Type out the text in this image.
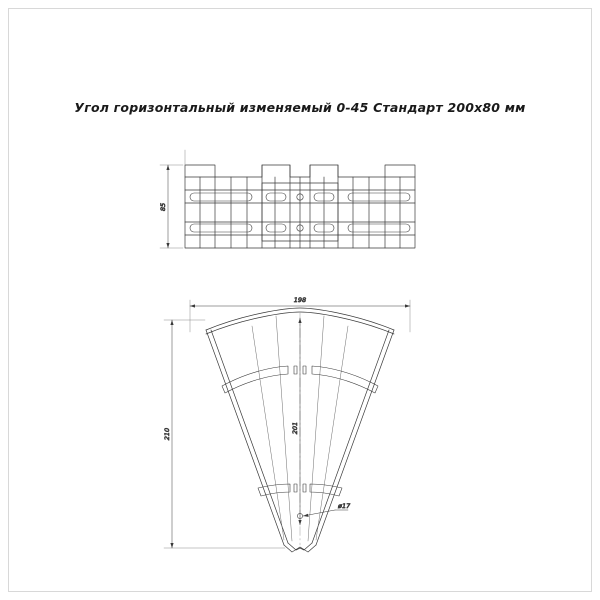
Угол горизонтальный изменяемый 0-45 Стандарт 200х80 мм
85
198
210	201
ø17
